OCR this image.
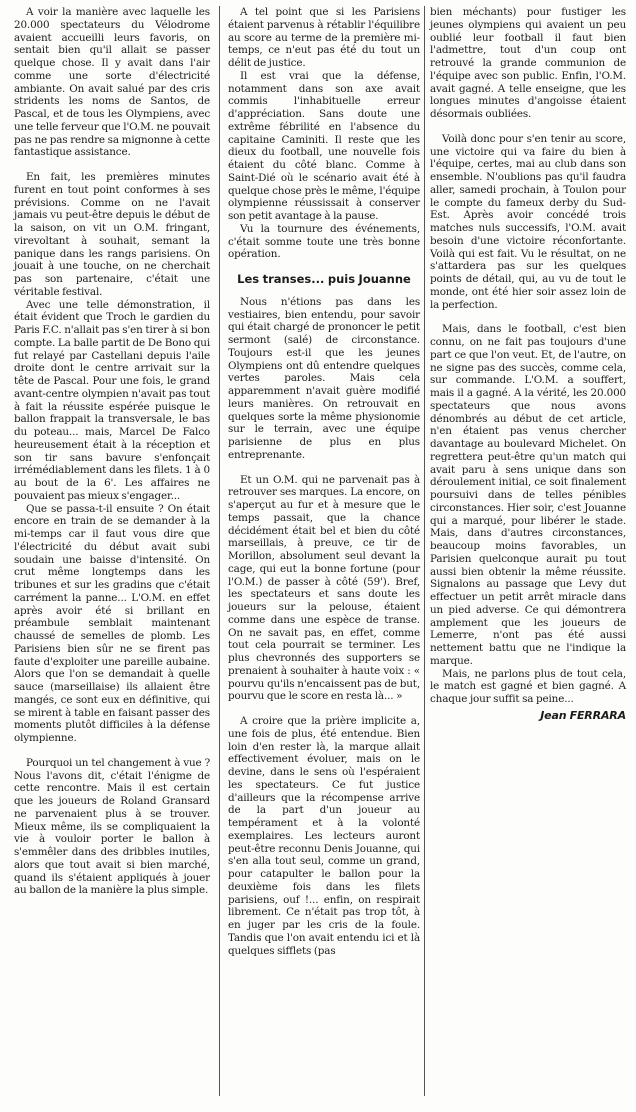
A voir la manière avec laquelle les 20.000 spectateurs du Vélodrome avaient accueilli leurs favoris, on sentait bien qu'il allait se passer quelque chose. Il y avait dans l'air comme une sorte d'électricité ambiante. On avait salué par des cris stridents les noms de Santos, de Pascal, et de tous les Olympiens, avec une telle ferveur que l'O.M. ne pouvait pas ne pas rendre sa mignonne à cette fantastique assistance.

En fait, les premières minutes furent en tout point conformes à ses prévisions. Comme on ne l'avait jamais vu peut-être depuis le début de la saison, on vit un O.M. fringant, virevoltant à souhait, semant la panique dans les rangs parisiens. On jouait à une touche, on ne cherchait pas son partenaire, c'était une véritable festival.

Avec une telle démonstration, il était évident que Troch le gardien du Paris F.C. n'allait pas s'en tirer à si bon compte. La balle partit de De Bono qui fut relayé par Castellani depuis l'aile droite dont le centre arrivait sur la tête de Pascal. Pour une fois, le grand avant-centre olympien n'avait pas tout à fait la réussite espérée puisque le ballon frappait la transversale, le bas du poteau... mais, Marcel De Falco heureusement était à la réception et son tir sans bavure s'enfonçait irrémédiablement dans les filets. 1 à 0 au bout de la 6'. Les affaires ne pouvaient pas mieux s'engager...

Que se passa-t-il ensuite ? On était encore en train de se demander à la mi-temps car il faut vous dire que l'électricité du début avait subi soudain une baisse d'intensité. On crut même longtemps dans les tribunes et sur les gradins que c'était carrément la panne... L'O.M. en effet après avoir été si brillant en préambule semblait maintenant chaussé de semelles de plomb. Les Parisiens bien sûr ne se firent pas faute d'exploiter une pareille aubaine. Alors que l'on se demandait à quelle sauce (marseillaise) ils allaient être mangés, ce sont eux en définitive, qui se mirent à table en faisant passer des moments plutôt difficiles à la défense olympienne.

Pourquoi un tel changement à vue ? Nous l'avons dit, c'était l'énigme de cette rencontre. Mais il est certain que les joueurs de Roland Gransard ne parvenaient plus à se trouver. Mieux même, ils se compliquaient la vie à vouloir porter le ballon à s'emmêler dans des dribbles inutiles, alors que tout avait si bien marché, quand ils s'étaient appliqués à jouer au ballon de la manière la plus simple.

A tel point que si les Parisiens étaient parvenus à rétablir l'équilibre au score au terme de la première mi-temps, ce n'eut pas été du tout un délit de justice.

Il est vrai que la défense, notamment dans son axe avait commis l'inhabituelle erreur d'appréciation. Sans doute une extrême fébrilité en l'absence du capitaine Caminiti. Il reste que les dieux du football, une nouvelle fois étaient du côté blanc. Comme à Saint-Dié où le scénario avait été à quelque chose près le même, l'équipe olympienne réussissait à conserver son petit avantage à la pause.

Vu la tournure des événements, c'était somme toute une très bonne opération.

Les transes... puis Jouanne

Nous n'étions pas dans les vestiaires, bien entendu, pour savoir qui était chargé de prononcer le petit sermont (salé) de circonstance. Toujours est-il que les jeunes Olympiens ont dû entendre quelques vertes paroles. Mais cela apparemment n'avait guère modifié leurs manières. On retrouvait en quelques sorte la même physionomie sur le terrain, avec une équipe parisienne de plus en plus entreprenante.

Et un O.M. qui ne parvenait pas à retrouver ses marques. La encore, on s'aperçut au fur et à mesure que le temps passait, que la chance décidément était bel et bien du côté marseillais, à preuve, ce tir de Morillon, absolument seul devant la cage, qui eut la bonne fortune (pour l'O.M.) de passer à côté (59'). Bref, les spectateurs et sans doute les joueurs sur la pelouse, étaient comme dans une espèce de transe. On ne savait pas, en effet, comme tout cela pourrait se terminer. Les plus chevronnés des supporters se prenaient à souhaiter à haute voix : « pourvu qu'ils n'encaissent pas de but, pourvu que le score en resta là... »

A croire que la prière implicite a, une fois de plus, été entendue. Bien loin d'en rester là, la marque allait effectivement évoluer, mais on le devine, dans le sens où l'espéraient les spectateurs. Ce fut justice d'ailleurs que la récompense arrive de la part d'un joueur au tempérament et à la volonté exemplaires. Les lecteurs auront peut-être reconnu Denis Jouanne, qui s'en alla tout seul, comme un grand, pour catapulter le ballon pour la deuxième fois dans les filets parisiens, ouf !... enfin, on respirait librement. Ce n'était pas trop tôt, à en juger par les cris de la foule. Tandis que l'on avait entendu ici et là quelques sifflets (pas

bien méchants) pour fustiger les jeunes olympiens qui avaient un peu oublié leur football il faut bien l'admettre, tout d'un coup ont retrouvé la grande communion de l'équipe avec son public. Enfin, l'O.M. avait gagné. A telle enseigne, que les longues minutes d'angoisse étaient désormais oubliées.

Voilà donc pour s'en tenir au score, une victoire qui va faire du bien à l'équipe, certes, mai au club dans son ensemble. N'oublions pas qu'il faudra aller, samedi prochain, à Toulon pour le compte du fameux derby du Sud-Est. Après avoir concédé trois matches nuls successifs, l'O.M. avait besoin d'une victoire réconfortante. Voilà qui est fait. Vu le résultat, on ne s'attardera pas sur les quelques points de détail, qui, au vu de tout le monde, ont été hier soir assez loin de la perfection.

Mais, dans le football, c'est bien connu, on ne fait pas toujours d'une part ce que l'on veut. Et, de l'autre, on ne signe pas des succès, comme cela, sur commande. L'O.M. a souffert, mais il a gagné. A la vérité, les 20.000 spectateurs que nous avons dénombrés au début de cet article, n'en étaient pas venus chercher davantage au boulevard Michelet. On regrettera peut-être qu'un match qui avait paru à sens unique dans son déroulement initial, ce soit finalement poursuivi dans de telles pénibles circonstances. Hier soir, c'est Jouanne qui a marqué, pour libérer le stade. Mais, dans d'autres circonstances, beaucoup moins favorables, un Parisien quelconque aurait pu tout aussi bien obtenir la même réussite. Signalons au passage que Levy dut effectuer un petit arrêt miracle dans un pied adverse. Ce qui démontrera amplement que les joueurs de Lemerre, n'ont pas été aussi nettement battu que ne l'indique la marque.

Mais, ne parlons plus de tout cela, le match est gagné et bien gagné. A chaque jour suffit sa peine...

Jean FERRARA
